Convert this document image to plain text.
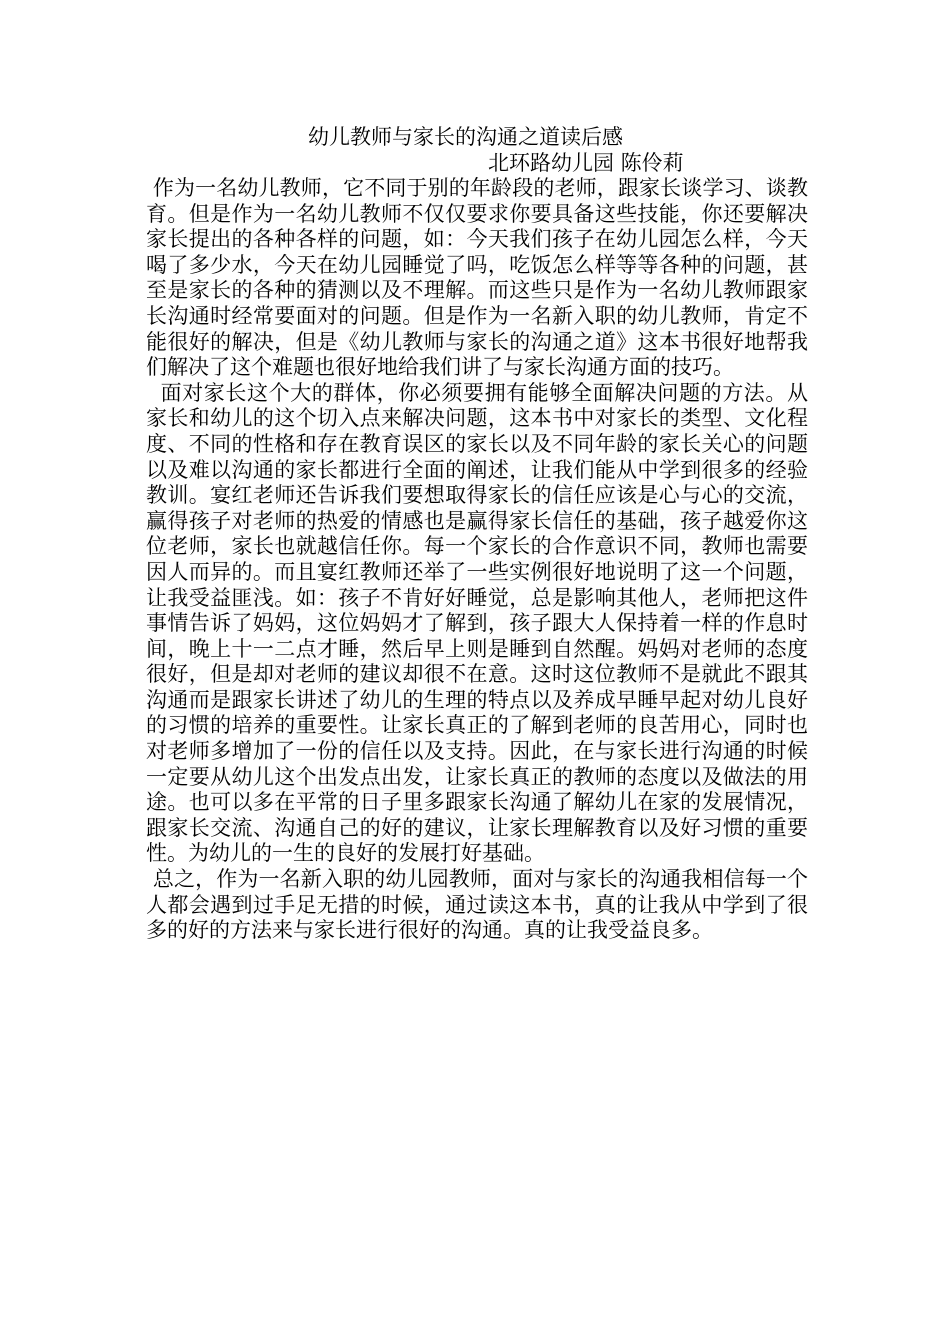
幼儿教师与家长的沟通之道读后感
北环路幼儿园 陈伶莉

作为一名幼儿教师，它不同于别的年龄段的老师，跟家长谈学习、谈教育。但是作为一名幼儿教师不仅仅要求你要具备这些技能，你还要解决家长提出的各种各样的问题，如：今天我们孩子在幼儿园怎么样，今天喝了多少水，今天在幼儿园睡觉了吗，吃饭怎么样等等各种的问题，甚至是家长的各种的猜测以及不理解。而这些只是作为一名幼儿教师跟家长沟通时经常要面对的问题。但是作为一名新入职的幼儿教师，肯定不能很好的解决，但是《幼儿教师与家长的沟通之道》这本书很好地帮我们解决了这个难题也很好地给我们讲了与家长沟通方面的技巧。

面对家长这个大的群体，你必须要拥有能够全面解决问题的方法。从家长和幼儿的这个切入点来解决问题，这本书中对家长的类型、文化程度、不同的性格和存在教育误区的家长以及不同年龄的家长关心的问题以及难以沟通的家长都进行全面的阐述，让我们能从中学到很多的经验教训。宴红老师还告诉我们要想取得家长的信任应该是心与心的交流，赢得孩子对老师的热爱的情感也是赢得家长信任的基础，孩子越爱你这位老师，家长也就越信任你。每一个家长的合作意识不同，教师也需要因人而异的。而且宴红教师还举了一些实例很好地说明了这一个问题，让我受益匪浅。如：孩子不肯好好睡觉，总是影响其他人，老师把这件事情告诉了妈妈，这位妈妈才了解到，孩子跟大人保持着一样的作息时间，晚上十一二点才睡，然后早上则是睡到自然醒。妈妈对老师的态度很好，但是却对老师的建议却很不在意。这时这位教师不是就此不跟其沟通而是跟家长讲述了幼儿的生理的特点以及养成早睡早起对幼儿良好的习惯的培养的重要性。让家长真正的了解到老师的良苦用心，同时也对老师多增加了一份的信任以及支持。因此，在与家长进行沟通的时候一定要从幼儿这个出发点出发，让家长真正的教师的态度以及做法的用途。也可以多在平常的日子里多跟家长沟通了解幼儿在家的发展情况，跟家长交流、沟通自己的好的建议，让家长理解教育以及好习惯的重要性。为幼儿的一生的良好的发展打好基础。

总之，作为一名新入职的幼儿园教师，面对与家长的沟通我相信每一个人都会遇到过手足无措的时候，通过读这本书，真的让我从中学到了很多的好的方法来与家长进行很好的沟通。真的让我受益良多。
